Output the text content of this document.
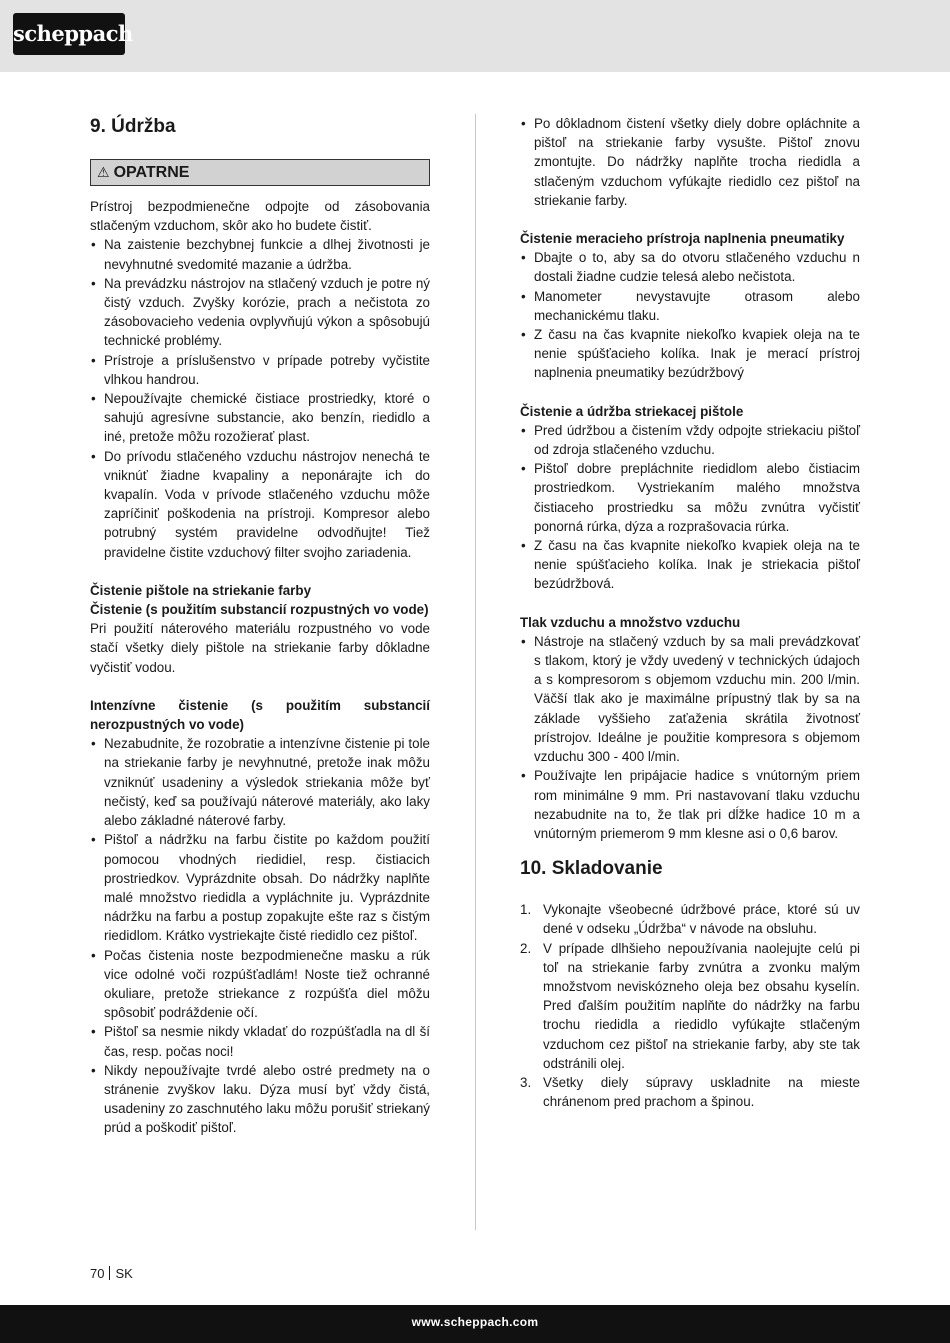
scheppach
9. Údržba
⚠ OPATRNE

Prístroj bezpodmienečne odpojte od zásobovania stlačeným vzduchom, skôr ako ho budete čistiť.

• Na zaistenie bezchybnej funkcie a dlhej životnosti je nevyhnutné svedomité mazanie a údržba.
• Na prevádzku nástrojov na stlačený vzduch je potre ný čistý vzduch. Zvyšky korózie, prach a nečistota zo zásobovacieho vedenia ovplyvňujú výkon a spôsobujú technické problémy.
• Prístroje a príslušenstvo v prípade potreby vyčistite vlhkou handrou.
• Nepoužívajte chemické čistiace prostriedky, ktoré o sahujú agresívne substancie, ako benzín, riedidlo a iné, pretože môžu rozožierať plast.
• Do prívodu stlačeného vzduchu nástrojov nenechá te vniknúť žiadne kvapaliny a neponárajte ich do kvapalín. Voda v prívode stlačeného vzduchu môže zapríčiniť poškodenia na prístroji. Kompresor alebo potrubný systém pravidelne odvodňujte! Tiež pravidelne čistite vzduchový filter svojho zariadenia.

Čistenie pištole na striekanie farby

Čistenie (s použitím substancií rozpustných vo vode)

Pri použití náterového materiálu rozpustného vo vode stačí všetky diely pištole na striekanie farby dôkladne vyčistiť vodou.

Intenzívne čistenie (s použitím substancií nerozpustných vo vode)

• Nezabudnite, že rozobratie a intenzívne čistenie pi tole na striekanie farby je nevyhnutné, pretože inak môžu vzniknúť usadeniny a výsledok striekania môže byť nečistý, keď sa používajú náterové materiály, ako laky alebo základné náterové farby.
• Pištoľ a nádržku na farbu čistite po každom použití pomocou vhodných riedidiel, resp. čistiacich prostriedkov. Vyprázdnite obsah. Do nádržky naplňte malé množstvo riedidla a vypláchnite ju. Vyprázdnite nádržku na farbu a postup zopakujte ešte raz s čistým riedidlom. Krátko vystriekajte čisté riedidlo cez pištoľ.
• Počas čistenia noste bezpodmienečne masku a rúk vice odolné voči rozpúšťadlám! Noste tiež ochranné okuliare, pretože striekance z rozpúšťa diel môžu spôsobiť podráždenie očí.
• Pištoľ sa nesmie nikdy vkladať do rozpúšťadla na dl ší čas, resp. počas noci!
• Nikdy nepoužívajte tvrdé alebo ostré predmety na o stránenie zvyškov laku. Dýza musí byť vždy čistá, usadeniny zo zaschnutého laku môžu porušiť striekaný prúd a poškodiť pištoľ.
• Po dôkladnom čistení všetky diely dobre opláchnite a pištoľ na striekanie farby vysušte. Pištoľ znovu zmontujte. Do nádržky naplňte trocha riedidla a stlačeným vzduchom vyfúkajte riedidlo cez pištoľ na striekanie farby.

Čistenie meracieho prístroja naplnenia pneumatiky

• Dbajte o to, aby sa do otvoru stlačeného vzduchu n dostali žiadne cudzie telesá alebo nečistota.
• Manometer nevystavujte otrasom alebo mechanickému tlaku.
• Z času na čas kvapnite niekoľko kvapiek oleja na te nenie spúšťacieho kolíka. Inak je merací prístroj naplnenia pneumatiky bezúdržbový

Čistenie a údržba striekacej pištole

• Pred údržbou a čistením vždy odpojte striekaciu pištoľ od zdroja stlačeného vzduchu.
• Pištoľ dobre prepláchnite riedidlom alebo čistiacim prostriedkom. Vystriekaním malého množstva čistiaceho prostriedku sa môžu zvnútra vyčistiť ponorná rúrka, dýza a rozprašovacia rúrka.
• Z času na čas kvapnite niekoľko kvapiek oleja na te nenie spúšťacieho kolíka. Inak je striekacia pištoľ bezúdržbová.

Tlak vzduchu a množstvo vzduchu

• Nástroje na stlačený vzduch by sa mali prevádzkovať s tlakom, ktorý je vždy uvedený v technických údajoch a s kompresorom s objemom vzduchu min. 200 l/min. Väčší tlak ako je maximálne prípustný tlak by sa na základe vyššieho zaťaženia skrátila životnosť prístrojov. Ideálne je použitie kompresora s objemom vzduchu 300 - 400 l/min.
• Používajte len pripájacie hadice s vnútorným priem rom minimálne 9 mm. Pri nastavovaní tlaku vzduchu nezabudnite na to, že tlak pri dĺžke hadice 10 m a vnútorným priemerom 9 mm klesne asi o 0,6 barov.
10. Skladovanie
1. Vykonajte všeobecné údržbové práce, ktoré sú uv dené v odseku „Údržba“ v návode na obsluhu.
2. V prípade dlhšieho nepoužívania naolejujte celú pi toľ na striekanie farby zvnútra a zvonku malým množstvom neviskózneho oleja bez obsahu kyselín. Pred ďalším použitím naplňte do nádržky na farbu trochu riedidla a riedidlo vyfúkajte stlačeným vzduchom cez pištoľ na striekanie farby, aby ste tak odstránili olej.
3. Všetky diely súpravy uskladnite na mieste chránenom pred prachom a špinou.
70 SK
www.scheppach.com
